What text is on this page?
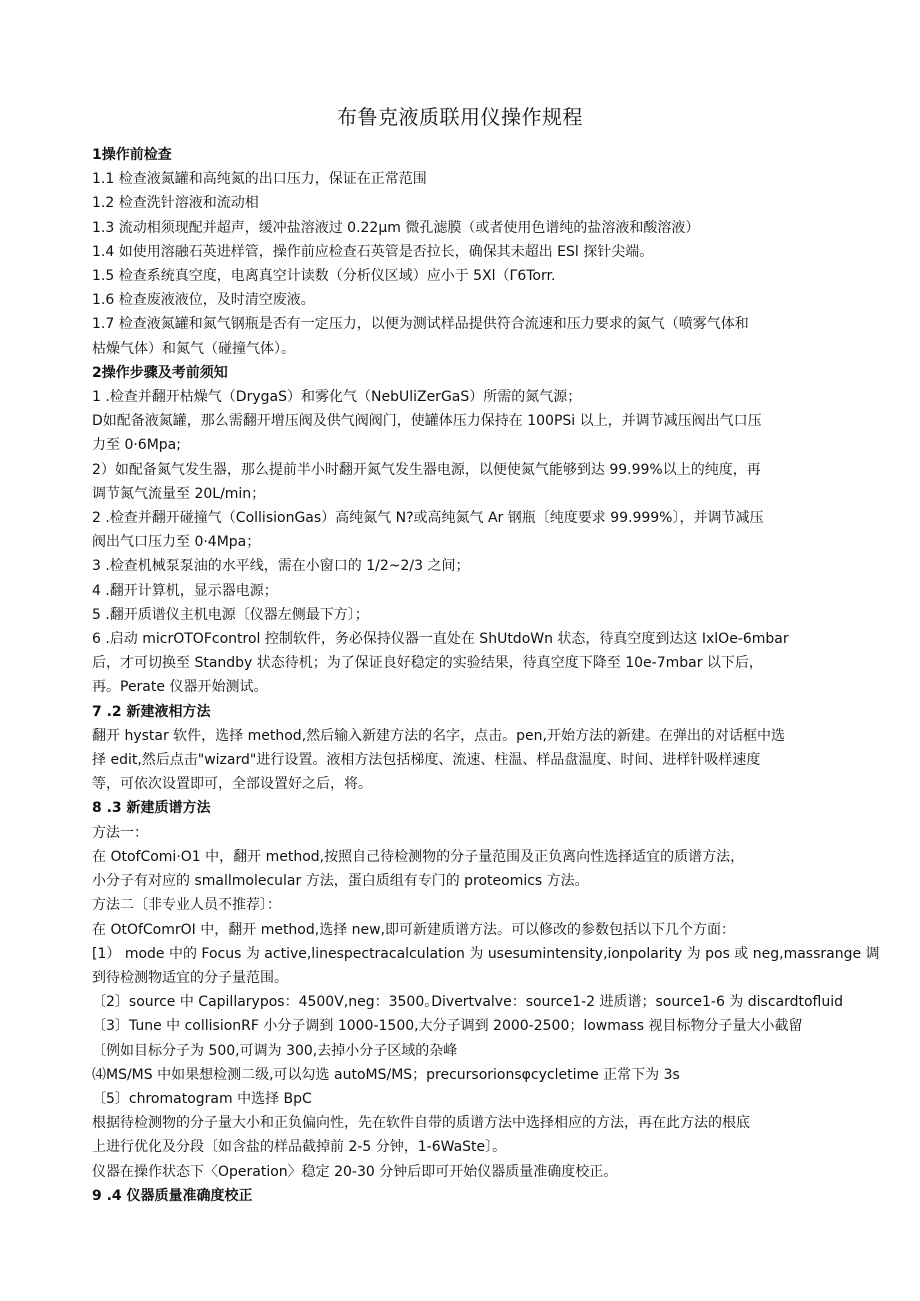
布鲁克液质联用仪操作规程

1操作前检查

1.1 检查液氮罐和高纯氮的出口压力，保证在正常范围

1.2 检查洗针溶液和流动相

1.3 流动相须现配并超声，缓冲盐溶液过 0.22μm 微孔滤膜（或者使用色谱纯的盐溶液和酸溶液）

1.4 如使用溶融石英进样管，操作前应检查石英管是否拉长，确保其未超出 ESl 探针尖端。

1.5 检查系统真空度，电离真空计读数（分析仪区域）应小于 5Xl（Γ6Torr.

1.6 检查废液液位，及时清空废液。

1.7 检查液氮罐和氮气钢瓶是否有一定压力，以便为测试样品提供符合流速和压力要求的氮气（喷雾气体和

枯燥气体）和氮气（碰撞气体）。

2操作步骤及考前须知

1 .检查并翻开枯燥气（DrygaS）和雾化气（NebUliZerGaS）所需的氮气源；

D如配备液氮罐，那么需翻开增压阀及供气阀阀门，使罐体压力保持在 100PSi 以上，并调节减压阀出气口压

力至 0·6Mpa;

2）如配备氮气发生器，那么提前半小时翻开氮气发生器电源，以便使氮气能够到达 99.99%以上的纯度，再

调节氮气流量至 20L/min；

2 .检查并翻开碰撞气（CollisionGas）高纯氮气 N?或高纯氮气 Ar 钢瓶〔纯度要求 99.999%〕，并调节减压

阀出气口压力至 0·4Mpa；

3 .检查机械泵泵油的水平线，需在小窗口的 1/2~2/3 之间；

4 .翻开计算机，显示器电源；

5 .翻开质谱仪主机电源〔仪器左侧最下方〕；

6 .启动 micrOTOFcontrol 控制软件，务必保持仪器一直处在 ShUtdoWn 状态，待真空度到达这 IxlOe-6mbar

后，才可切换至 Standby 状态待机；为了保证良好稳定的实验结果，待真空度下降至 10e-7mbar 以下后，

再。Perate 仪器开始测试。

7 .2 新建液相方法

翻开 hystar 软件，选择 method,然后输入新建方法的名字，点击。pen,开始方法的新建。在弹出的对话框中选

择 edit,然后点击"wizard"进行设置。液相方法包括梯度、流速、柱温、样品盘温度、时间、进样针吸样速度

等，可依次设置即可，全部设置好之后，将。

8 .3 新建质谱方法

方法一：

在 OtofComi·O1 中，翻开 method,按照自己待检测物的分子量范围及正负离向性选择适宜的质谱方法，

小分子有对应的 smallmolecular 方法，蛋白质组有专门的 proteomics 方法。

方法二〔非专业人员不推荐〕：

在 OtOfComrOI 中，翻开 method,选择 new,即可新建质谱方法。可以修改的参数包括以下几个方面：

[1） mode 中的 Focus 为 active,linespectracalculation 为 usesumintensity,ionpolarity 为 pos 或 neg,massrange 调

到待检测物适宜的分子量范围。

〔2〕source 中 Capillarypos：4500V,neg：3500｡Divertvalve：source1-2 进质谱；source1-6 为 discardtofluid

〔3〕Tune 中 collisionRF 小分子调到 1000-1500,大分子调到 2000-2500；lowmass 视目标物分子量大小截留

〔例如目标分子为 500,可调为 300,去掉小分子区域的杂峰

⑷MS/MS 中如果想检测二级,可以勾选 autoMS/MS；precursorionsφcycletime 正常下为 3s

〔5〕chromatogram 中选择 BpC

根据待检测物的分子量大小和正负偏向性，先在软件自带的质谱方法中选择相应的方法，再在此方法的根底

上进行优化及分段〔如含盐的样品截掉前 2-5 分钟，1-6WaSte〕。

仪器在操作状态下〈Operation〉稳定 20-30 分钟后即可开始仪器质量准确度校正。

9 .4 仪器质量准确度校正
